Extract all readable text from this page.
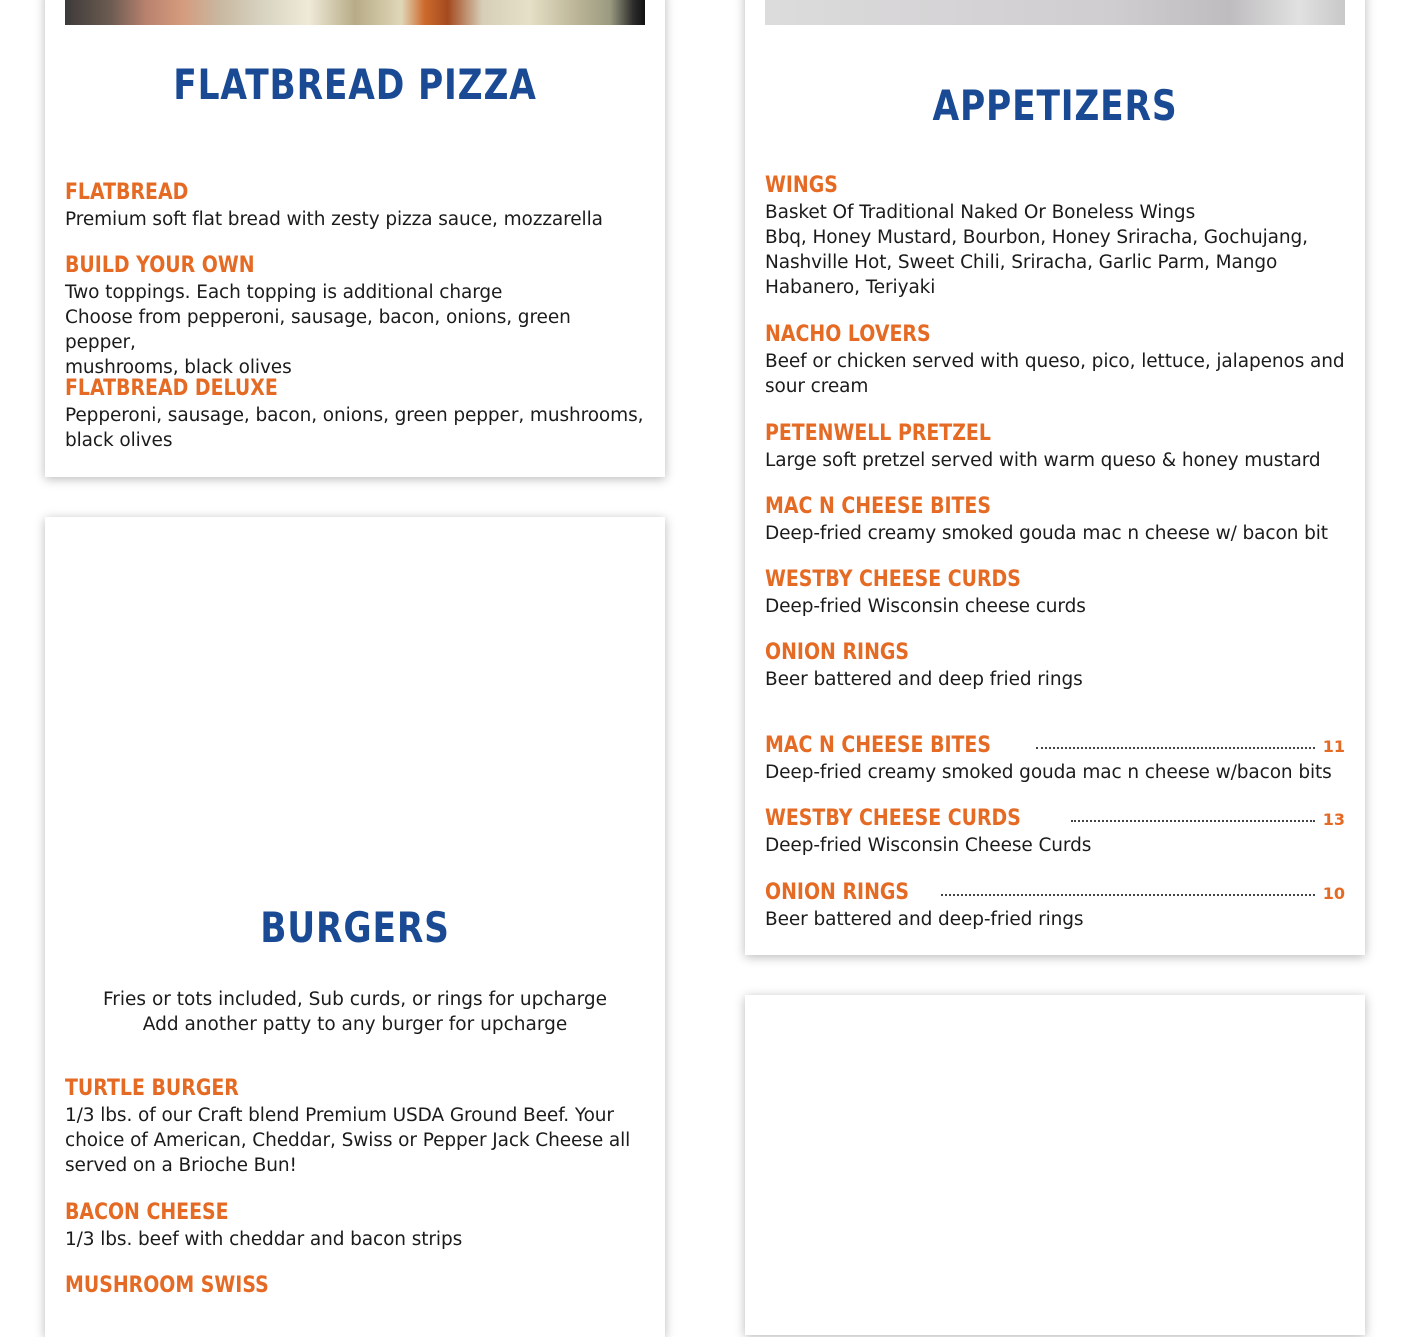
FLATBREAD PIZZA

FLATBREAD

Premium soft flat bread with zesty pizza sauce, mozzarella

BUILD YOUR OWN

Two toppings. Each topping is additional charge
Choose from pepperoni, sausage, bacon, onions, green pepper,
mushrooms, black olives

FLATBREAD DELUXE

Pepperoni, sausage, bacon, onions, green pepper, mushrooms,
black olives

BURGERS
Fries or tots included, Sub curds, or rings for upcharge
Add another patty to any burger for upcharge

TURTLE BURGER

1/3 lbs. of our Craft blend Premium USDA Ground Beef. Your
choice of American, Cheddar, Swiss or Pepper Jack Cheese all
served on a Brioche Bun!

BACON CHEESE

1/3 lbs. beef with cheddar and bacon strips

MUSHROOM SWISS

APPETIZERS

WINGS

Basket Of Traditional Naked Or Boneless Wings
Bbq, Honey Mustard, Bourbon, Honey Sriracha, Gochujang,
Nashville Hot, Sweet Chili, Sriracha, Garlic Parm, Mango
Habanero, Teriyaki

NACHO LOVERS

Beef or chicken served with queso, pico, lettuce, jalapenos and
sour cream

PETENWELL PRETZEL

Large soft pretzel served with warm queso & honey mustard

MAC N CHEESE BITES

Deep-fried creamy smoked gouda mac n cheese w/ bacon bit

WESTBY CHEESE CURDS

Deep-fried Wisconsin cheese curds

ONION RINGS

Beer battered and deep fried rings

MAC N CHEESE BITES	11

Deep-fried creamy smoked gouda mac n cheese w/bacon bits

WESTBY CHEESE CURDS	13

Deep-fried Wisconsin Cheese Curds

ONION RINGS	10

Beer battered and deep-fried rings
